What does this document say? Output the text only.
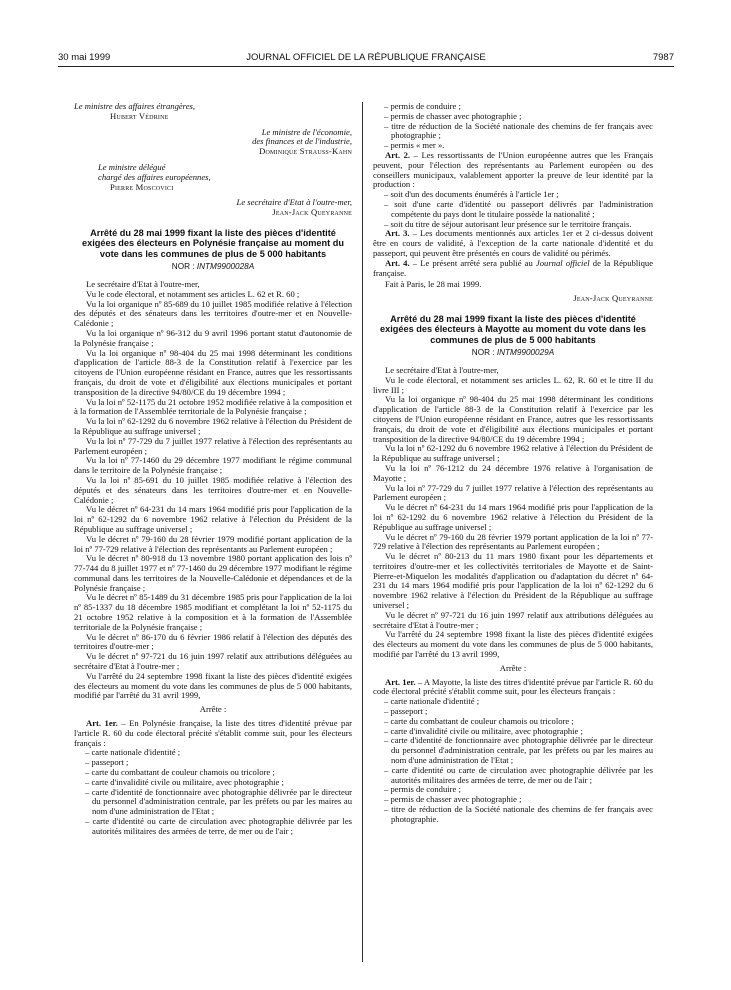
30 mai 1999	JOURNAL OFFICIEL DE LA RÉPUBLIQUE FRANÇAISE	7987

Le ministre des affaires étrangères,

Hubert Védrine

Le ministre de l'économie,

des finances et de l'industrie,

Dominique Strauss-Kahn

Le ministre délégué

chargé des affaires européennes,

Pierre Moscovici

Le secrétaire d'Etat à l'outre-mer,

Jean-Jack Queyranne

Arrêté du 28 mai 1999 fixant la liste des pièces d'identité exigées des électeurs en Polynésie française au moment du vote dans les communes de plus de 5 000 habitants

NOR : INTM9900028A

Le secrétaire d'Etat à l'outre-mer,

Vu le code électoral, et notamment ses articles L. 62 et R. 60 ;

Vu la loi organique nº 85-689 du 10 juillet 1985 modifiée relative à l'élection des députés et des sénateurs dans les territoires d'outre-mer et en Nouvelle-Calédonie ;

Vu la loi organique nº 96-312 du 9 avril 1996 portant statut d'autonomie de la Polynésie française ;

Vu la loi organique nº 98-404 du 25 mai 1998 déterminant les conditions d'application de l'article 88-3 de la Constitution relatif à l'exercice par les citoyens de l'Union européenne résidant en France, autres que les ressortissants français, du droit de vote et d'éligibilité aux élections municipales et portant transposition de la directive 94/80/CE du 19 décembre 1994 ;

Vu la loi nº 52-1175 du 21 octobre 1952 modifiée relative à la composition et à la formation de l'Assemblée territoriale de la Polynésie française ;

Vu la loi nº 62-1292 du 6 novembre 1962 relative à l'élection du Président de la République au suffrage universel ;

Vu la loi nº 77-729 du 7 juillet 1977 relative à l'élection des représentants au Parlement européen ;

Vu la loi nº 77-1460 du 29 décembre 1977 modifiant le régime communal dans le territoire de la Polynésie française ;

Vu la loi nº 85-691 du 10 juillet 1985 modifiée relative à l'élection des députés et des sénateurs dans les territoires d'outre-mer et en Nouvelle-Calédonie ;

Vu le décret nº 64-231 du 14 mars 1964 modifié pris pour l'application de la loi nº 62-1292 du 6 novembre 1962 relative à l'élection du Président de la République au suffrage universel ;

Vu le décret nº 79-160 du 28 février 1979 modifié portant application de la loi nº 77-729 relative à l'élection des représentants au Parlement européen ;

Vu le décret nº 80-918 du 13 novembre 1980 portant application des lois nº 77-744 du 8 juillet 1977 et nº 77-1460 du 29 décembre 1977 modifiant le régime communal dans les territoires de la Nouvelle-Calédonie et dépendances et de la Polynésie française ;

Vu le décret nº 85-1489 du 31 décembre 1985 pris pour l'application de la loi nº 85-1337 du 18 décembre 1985 modifiant et complétant la loi nº 52-1175 du 21 octobre 1952 relative à la composition et à la formation de l'Assemblée territoriale de la Polynésie française ;

Vu le décret nº 86-170 du 6 février 1986 relatif à l'élection des députés des territoires d'outre-mer ;

Vu le décret nº 97-721 du 16 juin 1997 relatif aux attributions déléguées au secrétaire d'Etat à l'outre-mer ;

Vu l'arrêté du 24 septembre 1998 fixant la liste des pièces d'identité exigées des électeurs au moment du vote dans les communes de plus de 5 000 habitants, modifié par l'arrêté du 31 avril 1999,

Arrête :

Art. 1er. – En Polynésie française, la liste des titres d'identité prévue par l'article R. 60 du code électoral précité s'établit comme suit, pour les électeurs français :

– carte nationale d'identité ;
– passeport ;
– carte du combattant de couleur chamois ou tricolore ;
– carte d'invalidité civile ou militaire, avec photographie ;
– carte d'identité de fonctionnaire avec photographie délivrée par le directeur du personnel d'administration centrale, par les préfets ou par les maires au nom d'une administration de l'Etat ;
– carte d'identité ou carte de circulation avec photographie délivrée par les autorités militaires des armées de terre, de mer ou de l'air ;
– permis de conduire ;
– permis de chasser avec photographie ;
– titre de réduction de la Société nationale des chemins de fer français avec photographie ;
– permis « mer ».

Art. 2. – Les ressortissants de l'Union européenne autres que les Français peuvent, pour l'élection des représentants au Parlement européen ou des conseillers municipaux, valablement apporter la preuve de leur identité par la production :

– soit d'un des documents énumérés à l'article 1er ;
– soit d'une carte d'identité ou passeport délivrés par l'administration compétente du pays dont le titulaire possède la nationalité ;
– soit du titre de séjour autorisant leur présence sur le territoire français.

Art. 3. – Les documents mentionnés aux articles 1er et 2 ci-dessus doivent être en cours de validité, à l'exception de la carte nationale d'identité et du passeport, qui peuvent être présentés en cours de validité ou périmés.

Art. 4. – Le présent arrêté sera publié au Journal officiel de la République française.

Fait à Paris, le 28 mai 1999.

Jean-Jack Queyranne

Arrêté du 28 mai 1999 fixant la liste des pièces d'identité exigées des électeurs à Mayotte au moment du vote dans les communes de plus de 5 000 habitants

NOR : INTM9900029A

Le secrétaire d'Etat à l'outre-mer,

Vu le code électoral, et notamment ses articles L. 62, R. 60 et le titre II du livre III ;

Vu la loi organique nº 98-404 du 25 mai 1998 déterminant les conditions d'application de l'article 88-3 de la Constitution relatif à l'exercice par les citoyens de l'Union européenne résidant en France, autres que les ressortissants français, du droit de vote et d'éligibilité aux élections municipales et portant transposition de la directive 94/80/CE du 19 décembre 1994 ;

Vu la loi nº 62-1292 du 6 novembre 1962 relative à l'élection du Président de la République au suffrage universel ;

Vu la loi nº 76-1212 du 24 décembre 1976 relative à l'organisation de Mayotte ;

Vu la loi nº 77-729 du 7 juillet 1977 relative à l'élection des représentants au Parlement européen ;

Vu le décret nº 64-231 du 14 mars 1964 modifié pris pour l'application de la loi nº 62-1292 du 6 novembre 1962 relative à l'élection du Président de la République au suffrage universel ;

Vu le décret nº 79-160 du 28 février 1979 portant application de la loi nº 77-729 relative à l'élection des représentants au Parlement européen ;

Vu le décret nº 80-213 du 11 mars 1980 fixant pour les départements et territoires d'outre-mer et les collectivités territoriales de Mayotte et de Saint-Pierre-et-Miquelon les modalités d'application ou d'adaptation du décret nº 64-231 du 14 mars 1964 modifié pris pour l'application de la loi nº 62-1292 du 6 novembre 1962 relative à l'élection du Président de la République au suffrage universel ;

Vu le décret nº 97-721 du 16 juin 1997 relatif aux attributions déléguées au secrétaire d'Etat à l'outre-mer ;

Vu l'arrêté du 24 septembre 1998 fixant la liste des pièces d'identité exigées des électeurs au moment du vote dans les communes de plus de 5 000 habitants, modifié par l'arrêté du 13 avril 1999,

Arrête :

Art. 1er. – A Mayotte, la liste des titres d'identité prévue par l'article R. 60 du code électoral précité s'établit comme suit, pour les électeurs français :

– carte nationale d'identité ;
– passeport ;
– carte du combattant de couleur chamois ou tricolore ;
– carte d'invalidité civile ou militaire, avec photographie ;
– carte d'identité de fonctionnaire avec photographie délivrée par le directeur du personnel d'administration centrale, par les préfets ou par les maires au nom d'une administration de l'Etat ;
– carte d'identité ou carte de circulation avec photographie délivrée par les autorités militaires des armées de terre, de mer ou de l'air ;
– permis de conduire ;
– permis de chasser avec photographie ;
– titre de réduction de la Société nationale des chemins de fer français avec photographie.
